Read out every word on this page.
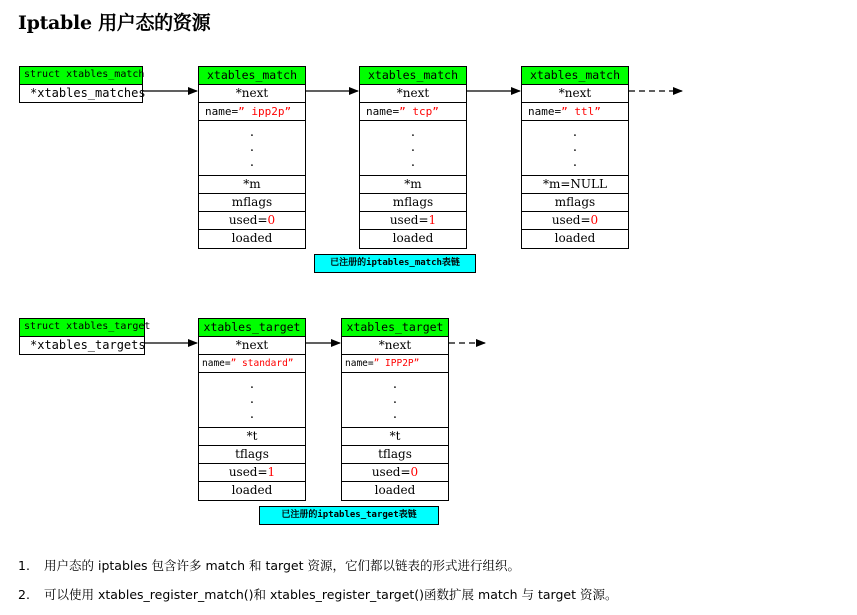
Iptable 用户态的资源
struct xtables_match
*xtables_matches
xtables_match
*next
name=” ipp2p”
.
.
.
*m
mflags
used=0
loaded
xtables_match
*next
name=” tcp”
.
.
.
*m
mflags
used=1
loaded
xtables_match
*next
name=” ttl”
.
.
.
*m=NULL
mflags
used=0
loaded
已注册的iptables_match表链
struct xtables_target
*xtables_targets
xtables_target
*next
name=” standard”
.
.
.
*t
tflags
used=1
loaded
xtables_target
*next
name=” IPP2P”
.
.
.
*t
tflags
used=0
loaded
已注册的iptables_target表链
1. 用户态的 iptables 包含许多 match 和 target 资源，它们都以链表的形式进行组织。
2. 可以使用 xtables_register_match()和 xtables_register_target()函数扩展 match 与 target 资源。
